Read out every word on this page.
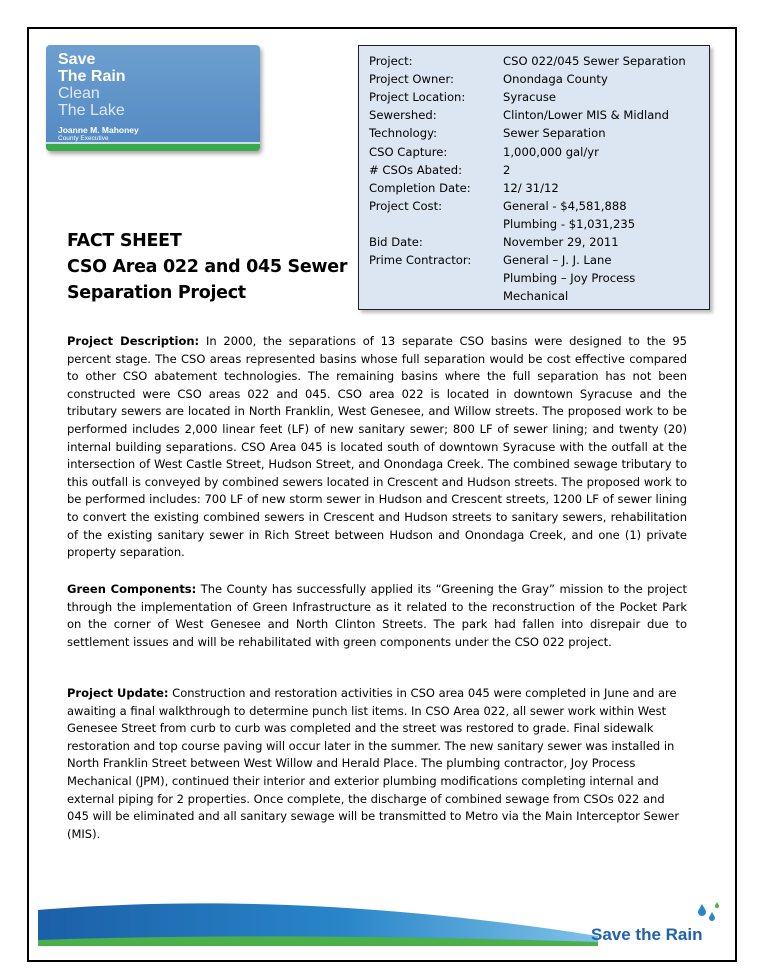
Save
The Rain
Clean
The Lake
Joanne M. Mahoney
County Executive
FACT SHEET
CSO Area 022 and 045 Sewer
Separation Project
Project:	CSO 022/045 Sewer Separation
Project Owner:	Onondaga County
Project Location:	Syracuse
Sewershed:	Clinton/Lower MIS & Midland
Technology:	Sewer Separation
CSO Capture:	1,000,000 gal/yr
# CSOs Abated:	2
Completion Date:	12/ 31/12
Project Cost:	General - $4,581,888
Plumbing - $1,031,235
Bid Date:	November 29, 2011
Prime Contractor:	General – J. J. Lane
Plumbing – Joy Process
Mechanical
Project Description: In 2000, the separations of 13 separate CSO basins were designed to the 95 percent stage. The CSO areas represented basins whose full separation would be cost effective compared to other CSO abatement technologies. The remaining basins where the full separation has not been constructed were CSO areas 022 and 045. CSO area 022 is located in downtown Syracuse and the tributary sewers are located in North Franklin, West Genesee, and Willow streets. The proposed work to be performed includes 2,000 linear feet (LF) of new sanitary sewer; 800 LF of sewer lining; and twenty (20) internal building separations. CSO Area 045 is located south of downtown Syracuse with the outfall at the intersection of West Castle Street, Hudson Street, and Onondaga Creek. The combined sewage tributary to this outfall is conveyed by combined sewers located in Crescent and Hudson streets. The proposed work to be performed includes: 700 LF of new storm sewer in Hudson and Crescent streets, 1200 LF of sewer lining to convert the existing combined sewers in Crescent and Hudson streets to sanitary sewers, rehabilitation of the existing sanitary sewer in Rich Street between Hudson and Onondaga Creek, and one (1) private property separation.
Green Components: The County has successfully applied its “Greening the Gray” mission to the project through the implementation of Green Infrastructure as it related to the reconstruction of the Pocket Park on the corner of West Genesee and North Clinton Streets. The park had fallen into disrepair due to settlement issues and will be rehabilitated with green components under the CSO 022 project.
Project Update: Construction and restoration activities in CSO area 045 were completed in June and are awaiting a final walkthrough to determine punch list items. In CSO Area 022, all sewer work within West Genesee Street from curb to curb was completed and the street was restored to grade. Final sidewalk restoration and top course paving will occur later in the summer. The new sanitary sewer was installed in North Franklin Street between West Willow and Herald Place. The plumbing contractor, Joy Process Mechanical (JPM), continued their interior and exterior plumbing modifications completing internal and external piping for 2 properties. Once complete, the discharge of combined sewage from CSOs 022 and 045 will be eliminated and all sanitary sewage will be transmitted to Metro via the Main Interceptor Sewer (MIS).
Save the Rain
